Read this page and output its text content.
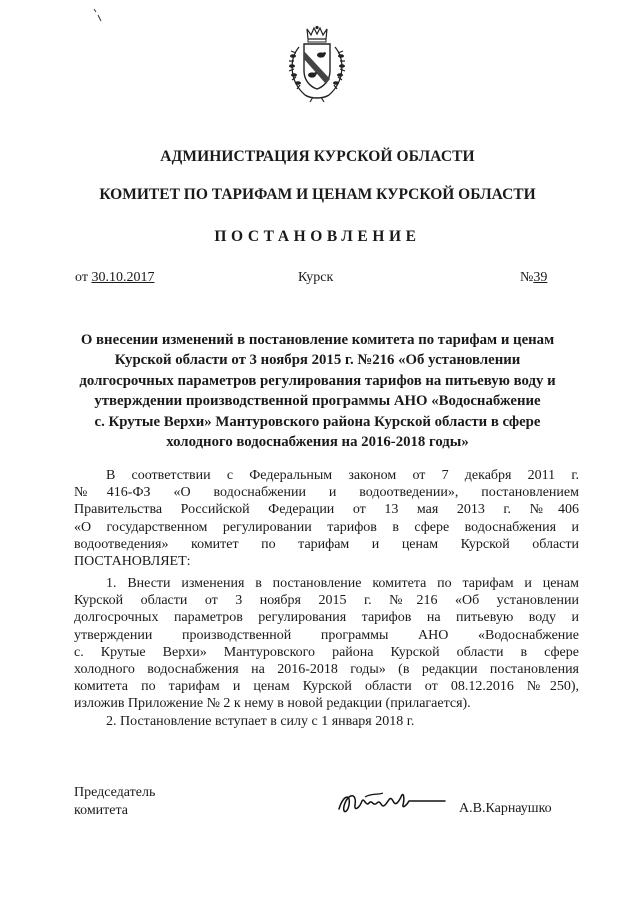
АДМИНИСТРАЦИЯ КУРСКОЙ ОБЛАСТИ
КОМИТЕТ ПО ТАРИФАМ И ЦЕНАМ КУРСКОЙ ОБЛАСТИ
ПОСТАНОВЛЕНИЕ
от 30.10.2017	Курск	№39
О внесении изменений в постановление комитета по тарифам и ценам
Курской области от 3 ноября 2015 г. №216 «Об установлении
долгосрочных параметров регулирования тарифов на питьевую воду и
утверждении производственной программы АНО «Водоснабжение
с. Крутые Верхи» Мантуровского района Курской области в сфере
холодного водоснабжения на 2016-2018 годы»
В соответствии с Федеральным законом от 7 декабря 2011 г.
№416-ФЗ «О водоснабжении и водоотведении», постановлением
Правительства Российской Федерации от 13 мая 2013 г. №406
«О государственном регулировании тарифов в сфере водоснабжения и
водоотведения» комитет по тарифам и ценам Курской области
ПОСТАНОВЛЯЕТ:
1. Внести изменения в постановление комитета по тарифам и ценам
Курской области от 3 ноября 2015 г. №216 «Об установлении
долгосрочных параметров регулирования тарифов на питьевую воду и
утверждении производственной программы АНО «Водоснабжение
с. Крутые Верхи» Мантуровского района Курской области в сфере
холодного водоснабжения на 2016-2018 годы» (в редакции постановления
комитета по тарифам и ценам Курской области от 08.12.2016 №250),
изложив Приложение № 2 к нему в новой редакции (прилагается).
2. Постановление вступает в силу с 1 января 2018 г.
Председатель
комитета	А.В.Карнаушко
